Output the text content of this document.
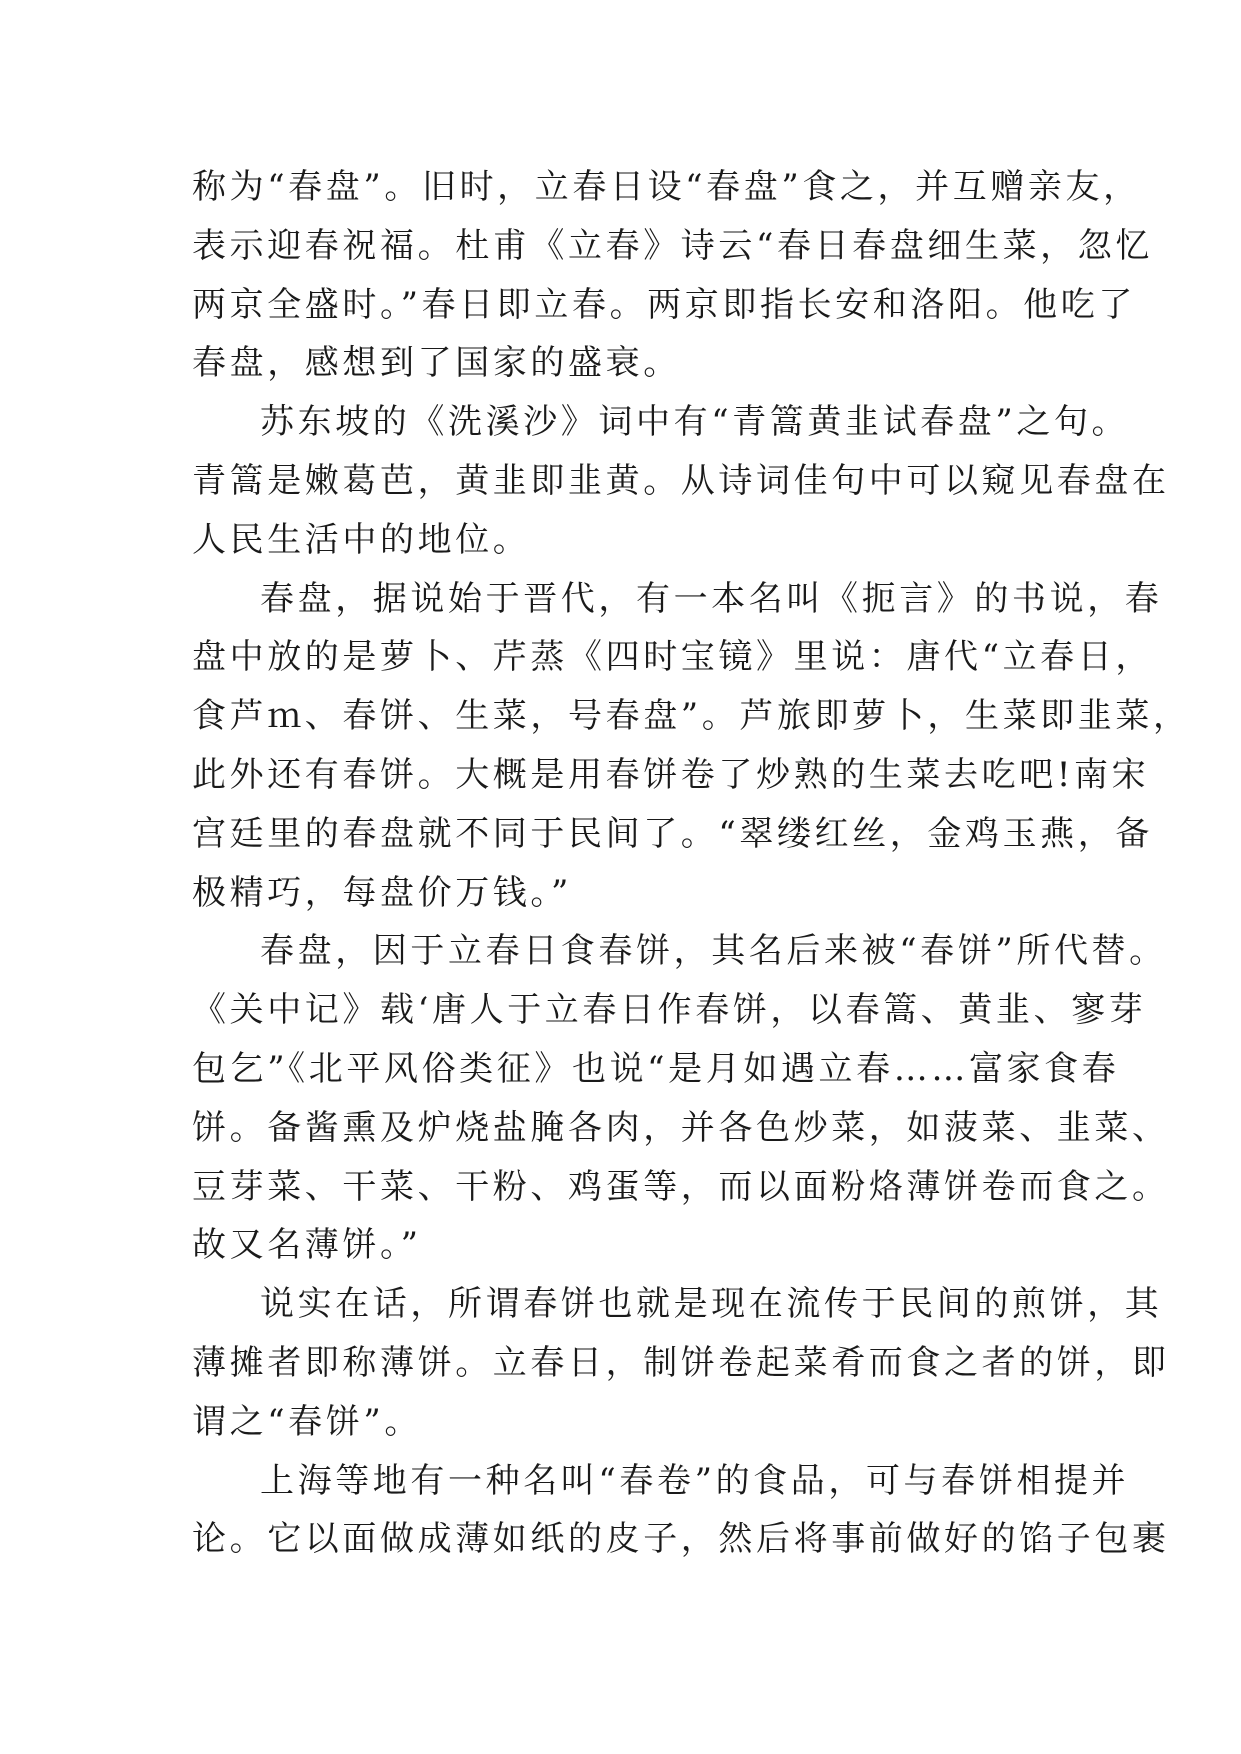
称为“春盘”。旧时，立春日设“春盘”食之，并互赠亲友，
表示迎春祝福。杜甫《立春》诗云“春日春盘细生菜，忽忆
两京全盛时。”春日即立春。两京即指长安和洛阳。他吃了
春盘，感想到了国家的盛衰。
苏东坡的《洗溪沙》词中有“青篙黄韭试春盘”之句。
青篙是嫩葛芭，黄韭即韭黄。从诗词佳句中可以窥见春盘在
人民生活中的地位。
春盘，据说始于晋代，有一本名叫《扼言》的书说，春
盘中放的是萝卜、芹蒸《四时宝镜》里说：唐代“立春日，
食芦ｍ、春饼、生菜，号春盘”。芦旅即萝卜，生菜即韭菜，
此外还有春饼。大概是用春饼卷了炒熟的生菜去吃吧!南宋
宫廷里的春盘就不同于民间了。“翠缕红丝，金鸡玉燕，备
极精巧，每盘价万钱。”
春盘，因于立春日食春饼，其名后来被“春饼”所代替。
《关中记》载‘唐人于立春日作春饼，以春篙、黄韭、寥芽
包乞”《北平风俗类征》也说“是月如遇立春……富家食春
饼。备酱熏及炉烧盐腌各肉，并各色炒菜，如菠菜、韭菜、
豆芽菜、干菜、干粉、鸡蛋等，而以面粉烙薄饼卷而食之。
故又名薄饼。”
说实在话，所谓春饼也就是现在流传于民间的煎饼，其
薄摊者即称薄饼。立春日，制饼卷起菜肴而食之者的饼，即
谓之“春饼”。
上海等地有一种名叫“春卷”的食品，可与春饼相提并
论。它以面做成薄如纸的皮子，然后将事前做好的馅子包裹
